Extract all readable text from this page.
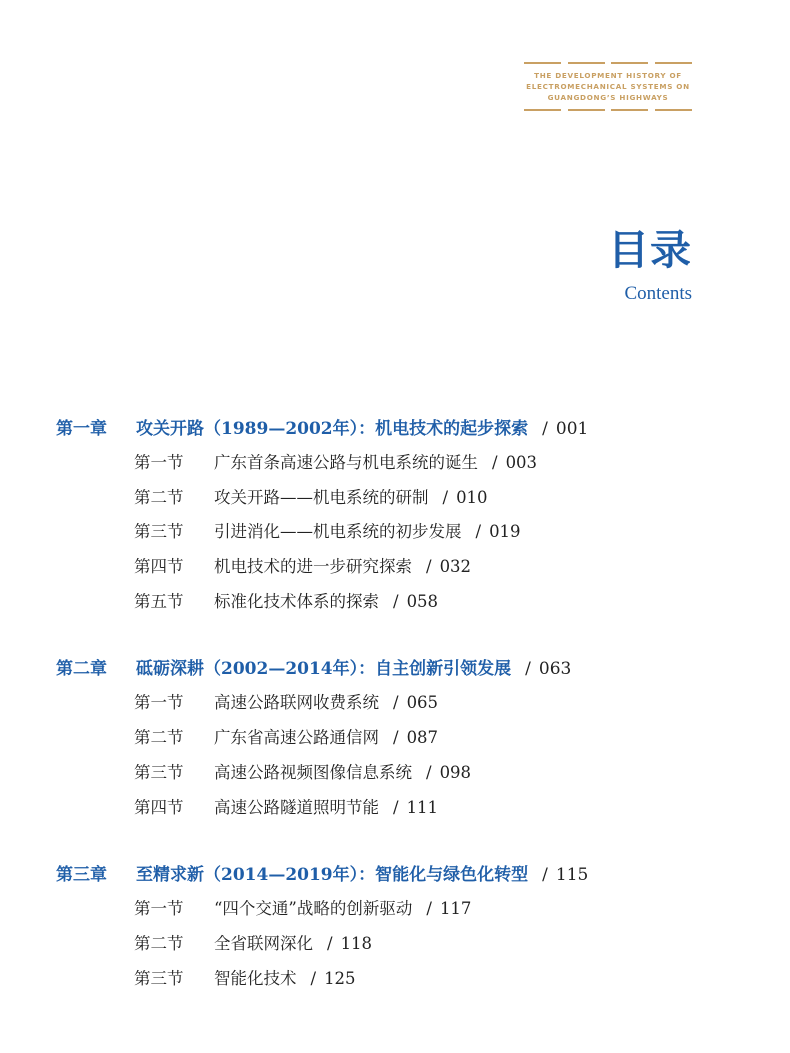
THE DEVELOPMENT HISTORY OF
ELECTROMECHANICAL SYSTEMS ON
GUANGDONG’S HIGHWAYS
目录
Contents
第一章 攻关开路（1989—2002年）：机电技术的起步探索 / 001
第一节 广东首条高速公路与机电系统的诞生 / 003
第二节 攻关开路——机电系统的研制 / 010
第三节 引进消化——机电系统的初步发展 / 019
第四节 机电技术的进一步研究探索 / 032
第五节 标准化技术体系的探索 / 058
第二章 砥砺深耕（2002—2014年）：自主创新引领发展 / 063
第一节 高速公路联网收费系统 / 065
第二节 广东省高速公路通信网 / 087
第三节 高速公路视频图像信息系统 / 098
第四节 高速公路隧道照明节能 / 111
第三章 至精求新（2014—2019年）：智能化与绿色化转型 / 115
第一节 “四个交通”战略的创新驱动 / 117
第二节 全省联网深化 / 118
第三节 智能化技术 / 125
